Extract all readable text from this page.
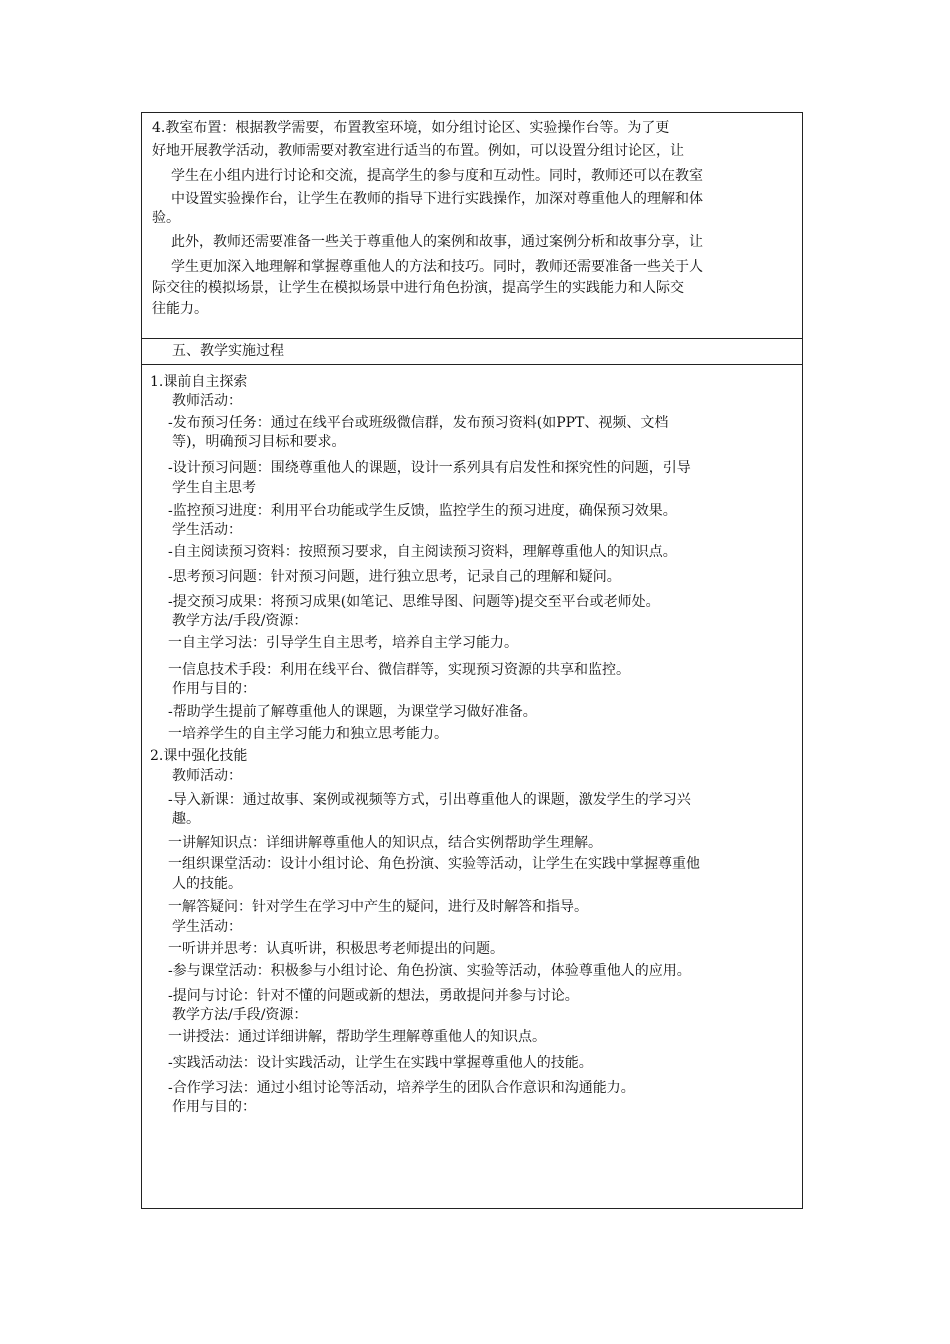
4.教室布置：根据教学需要，布置教室环境，如分组讨论区、实验操作台等。为了更
好地开展教学活动，教师需要对教室进行适当的布置。例如，可以设置分组讨论区，让
学生在小组内进行讨论和交流，提高学生的参与度和互动性。同时，教师还可以在教室
中设置实验操作台，让学生在教师的指导下进行实践操作，加深对尊重他人的理解和体
验。
此外，教师还需要准备一些关于尊重他人的案例和故事，通过案例分析和故事分享，让
学生更加深入地理解和掌握尊重他人的方法和技巧。同时，教师还需要准备一些关于人
际交往的模拟场景，让学生在模拟场景中进行角色扮演，提高学生的实践能力和人际交
往能力。
五、教学实施过程
1.课前自主探索
教师活动：
-发布预习任务：通过在线平台或班级微信群，发布预习资料(如PPT、视频、文档
等)，明确预习目标和要求。
-设计预习问题：围绕尊重他人的课题，设计一系列具有启发性和探究性的问题，引导
学生自主思考
-监控预习进度：利用平台功能或学生反馈，监控学生的预习进度，确保预习效果。
学生活动：
-自主阅读预习资料：按照预习要求，自主阅读预习资料，理解尊重他人的知识点。
-思考预习问题：针对预习问题，进行独立思考，记录自己的理解和疑问。
-提交预习成果：将预习成果(如笔记、思维导图、问题等)提交至平台或老师处。
教学方法/手段/资源：
一自主学习法：引导学生自主思考，培养自主学习能力。
一信息技术手段：利用在线平台、微信群等，实现预习资源的共享和监控。
作用与目的：
-帮助学生提前了解尊重他人的课题，为课堂学习做好准备。
一培养学生的自主学习能力和独立思考能力。
2.课中强化技能
教师活动：
-导入新课：通过故事、案例或视频等方式，引出尊重他人的课题，激发学生的学习兴
趣。
一讲解知识点：详细讲解尊重他人的知识点，结合实例帮助学生理解。
一组织课堂活动：设计小组讨论、角色扮演、实验等活动，让学生在实践中掌握尊重他
人的技能。
一解答疑问：针对学生在学习中产生的疑问，进行及时解答和指导。
学生活动：
一听讲并思考：认真听讲，积极思考老师提出的问题。
-参与课堂活动：积极参与小组讨论、角色扮演、实验等活动，体验尊重他人的应用。
-提问与讨论：针对不懂的问题或新的想法，勇敢提问并参与讨论。
教学方法/手段/资源：
一讲授法：通过详细讲解，帮助学生理解尊重他人的知识点。
-实践活动法：设计实践活动，让学生在实践中掌握尊重他人的技能。
-合作学习法：通过小组讨论等活动，培养学生的团队合作意识和沟通能力。
作用与目的：
